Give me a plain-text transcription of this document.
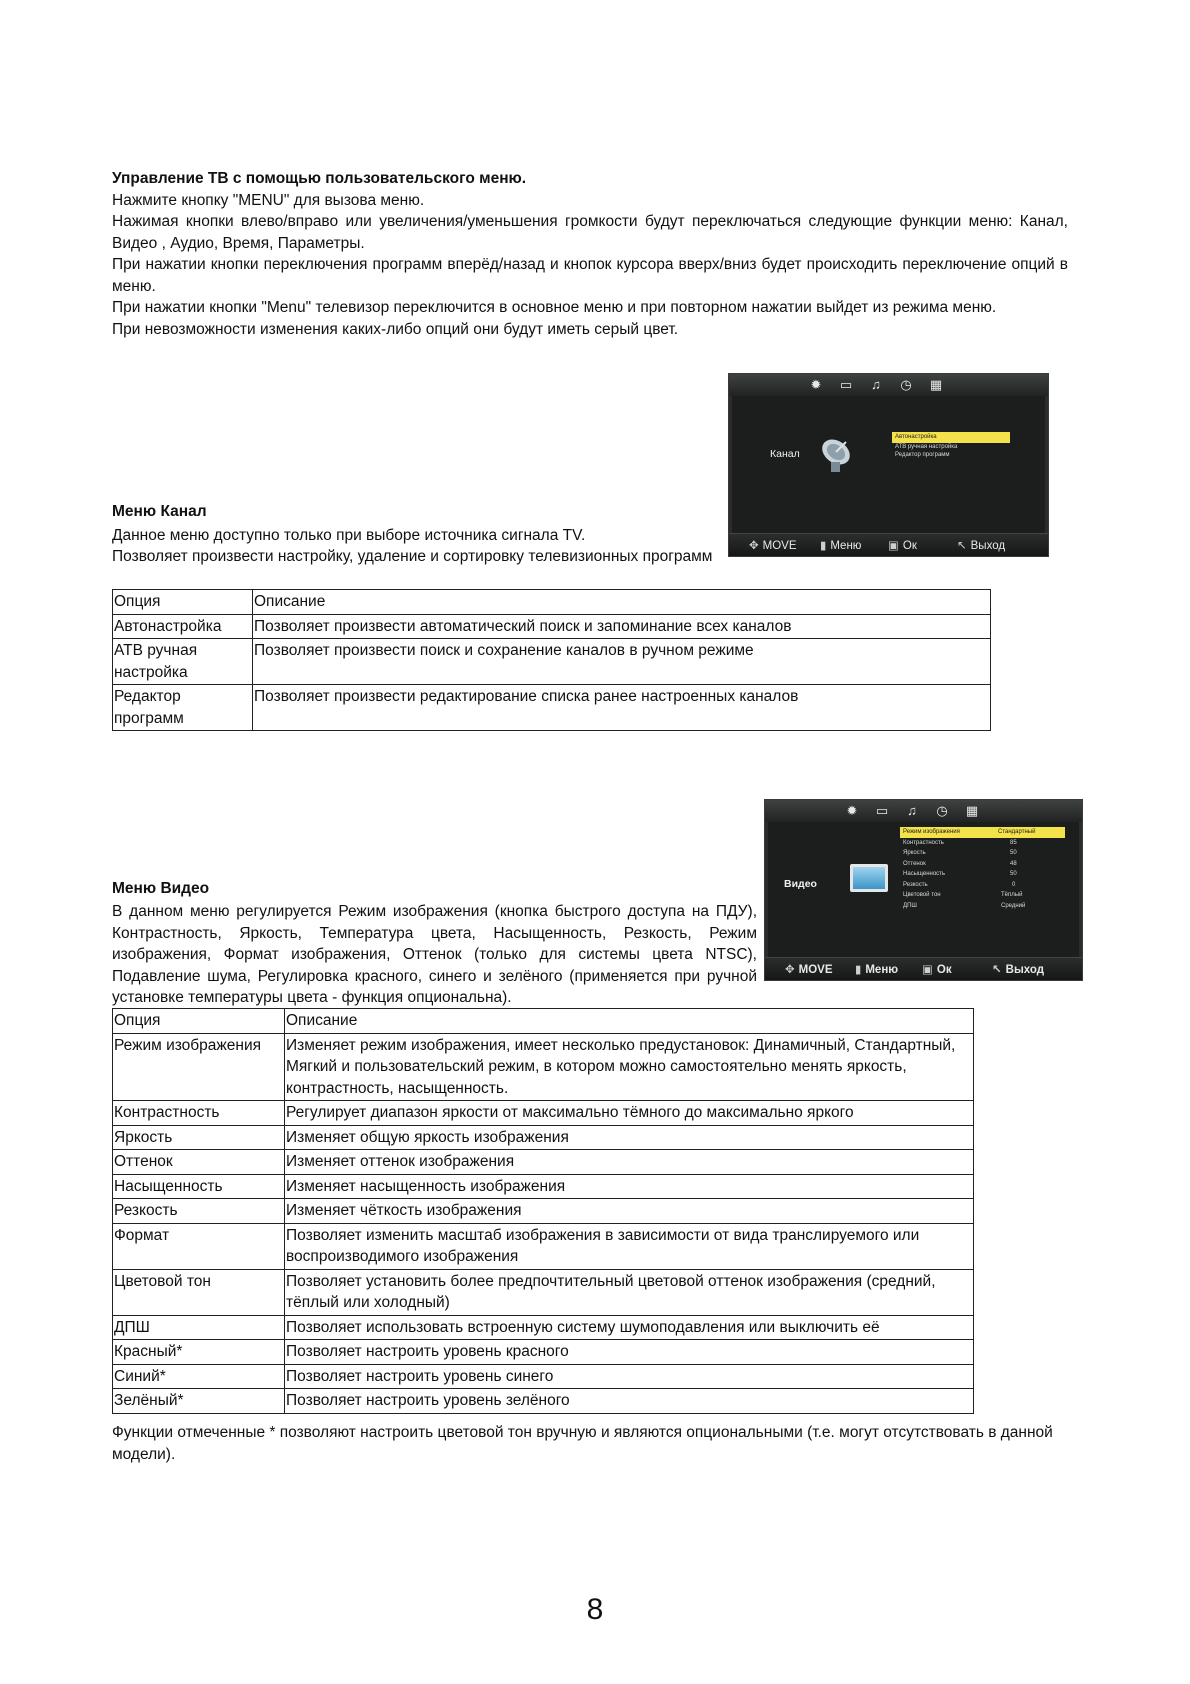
Управление ТВ с помощью пользовательского меню.

Нажмите кнопку "MENU" для вызова меню.

Нажимая кнопки влево/вправо или увеличения/уменьшения громкости будут переключаться следующие функции меню: Канал, Видео , Аудио, Время, Параметры.

При нажатии кнопки переключения программ вперёд/назад и кнопок курсора вверх/вниз будет происходить переключение опций в меню.

При нажатии кнопки "Menu" телевизор переключится в основное меню и при повторном нажатии выйдет из режима меню.

При невозможности изменения каких-либо опций они будут иметь серый цвет.

✹ ▭ ♫ ◷ ▦
Канал
Автонастройка
АТВ ручная настройка
Редактор программ
✥ MOVE ▮ Меню ▣ Ок	↖ Выход
Меню Канал
Данное меню доступно только при выборе источника сигнала TV.
Позволяет произвести настройку, удаление и сортировку телевизионных программ
Опция	Описание
Автонастройка	Позволяет произвести автоматический поиск и запоминание всех каналов
АТВ ручная настройка	Позволяет произвести поиск и сохранение каналов в ручном режиме
Редактор программ	Позволяет произвести редактирование списка ранее настроенных каналов
✹ ▭ ♫ ◷ ▦
Видео
Режим изображения	Стандартный
Контрастность	85
Яркость	50
Оттенок	48
Насыщенность	50
Резкость	0
Цветовой тон	Тёплый
ДПШ	Средний
✥ MOVE ▮ Меню ▣ Ок	↖ Выход
Меню Видео
В данном меню регулируется Режим изображения (кнопка быстрого доступа на ПДУ), Контрастность, Яркость, Температура цвета, Насыщенность, Резкость, Режим изображения, Формат изображения, Оттенок (только для системы цвета NTSC), Подавление шума, Регулировка красного, синего и зелёного (применяется при ручной установке температуры цвета - функция опциональна).
Опция	Описание
Режим изображения	Изменяет режим изображения, имеет несколько предустановок: Динамичный, Стандартный, Мягкий и пользовательский режим, в котором можно самостоятельно менять яркость, контрастность, насыщенность.
Контрастность	Регулирует диапазон яркости от максимально тёмного до максимально яркого
Яркость	Изменяет общую яркость изображения
Оттенок	Изменяет оттенок изображения
Насыщенность	Изменяет насыщенность изображения
Резкость	Изменяет чёткость изображения
Формат	Позволяет изменить масштаб изображения в зависимости от вида транслируемого или воспроизводимого изображения
Цветовой тон	Позволяет установить более предпочтительный цветовой оттенок изображения (средний, тёплый или холодный)
ДПШ	Позволяет использовать встроенную систему шумоподавления или выключить её
Красный*	Позволяет настроить уровень красного
Синий*	Позволяет настроить уровень синего
Зелёный*	Позволяет настроить уровень зелёного
Функции отмеченные * позволяют настроить цветовой тон вручную и являются опциональными (т.е. могут отсутствовать в данной модели).
8
